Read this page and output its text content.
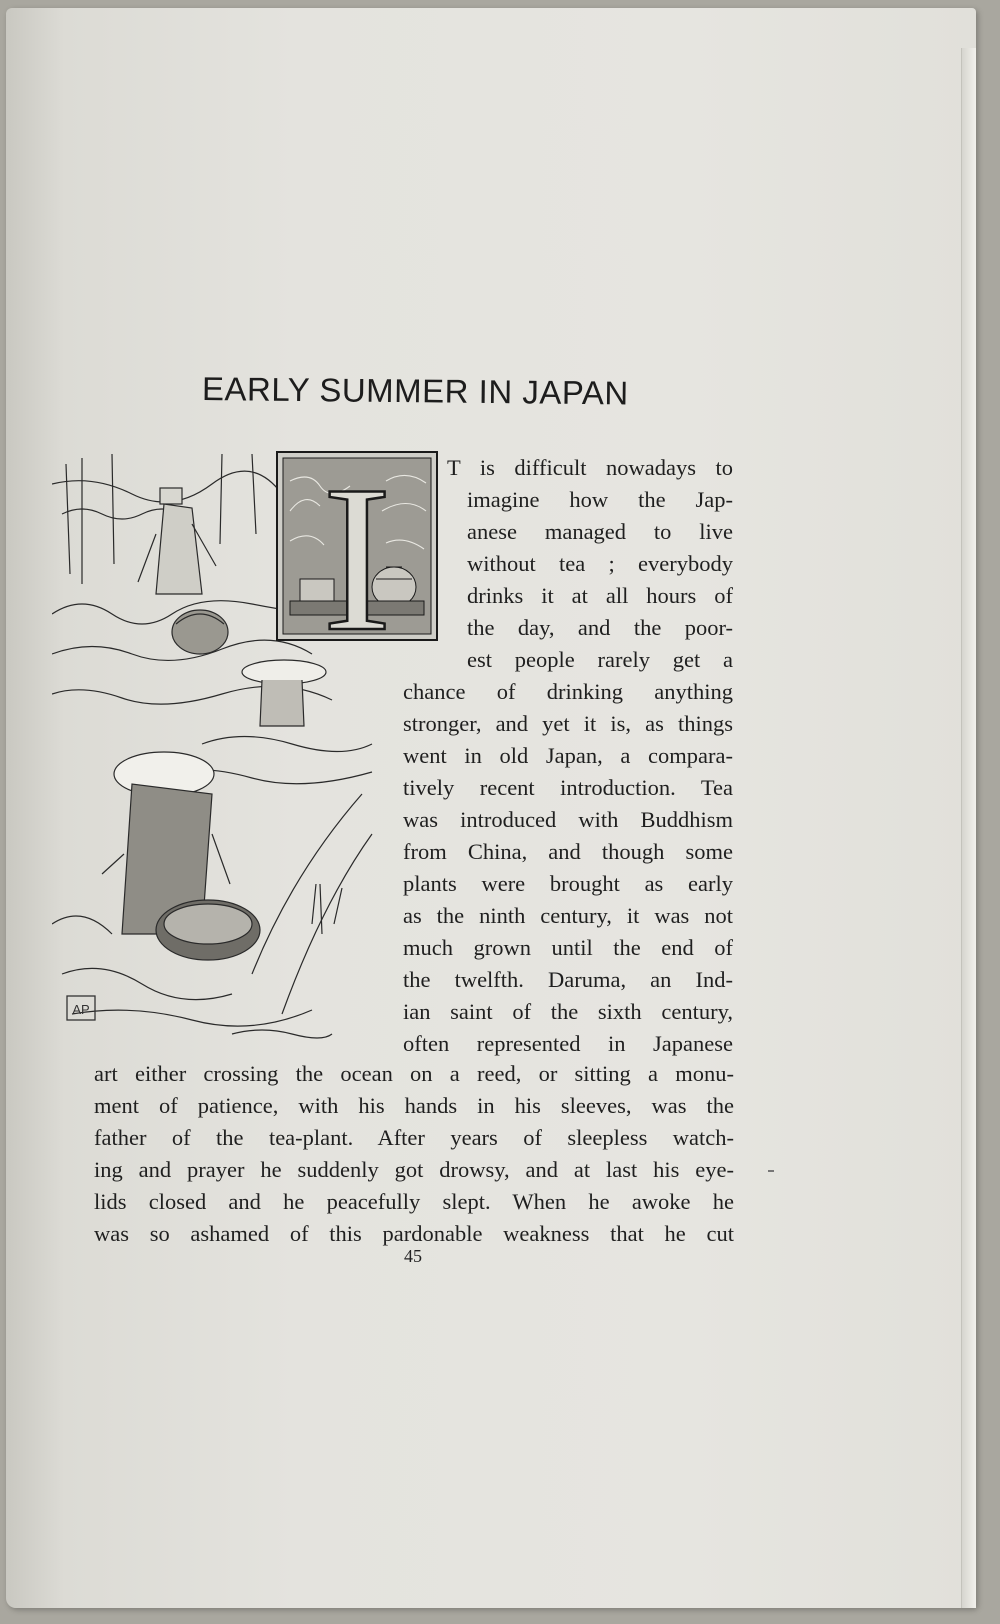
EARLY SUMMER IN JAPAN
I
AP
T is difficult nowadays to
imagine how the Jap-
anese managed to live
without tea ; everybody
drinks it at all hours of
the day, and the poor-
est people rarely get a
chance of drinking anything
stronger, and yet it is, as things
went in old Japan, a compara-
tively recent introduction. Tea
was introduced with Buddhism
from China, and though some
plants were brought as early
as the ninth century, it was not
much grown until the end of
the twelfth. Daruma, an Ind-
ian saint of the sixth century,
often represented in Japanese
art either crossing the ocean on a reed, or sitting a monu-
ment of patience, with his hands in his sleeves, was the
father of the tea-plant. After years of sleepless watch-
ing and prayer he suddenly got drowsy, and at last his eye-
lids closed and he peacefully slept. When he awoke he
was so ashamed of this pardonable weakness that he cut
45
